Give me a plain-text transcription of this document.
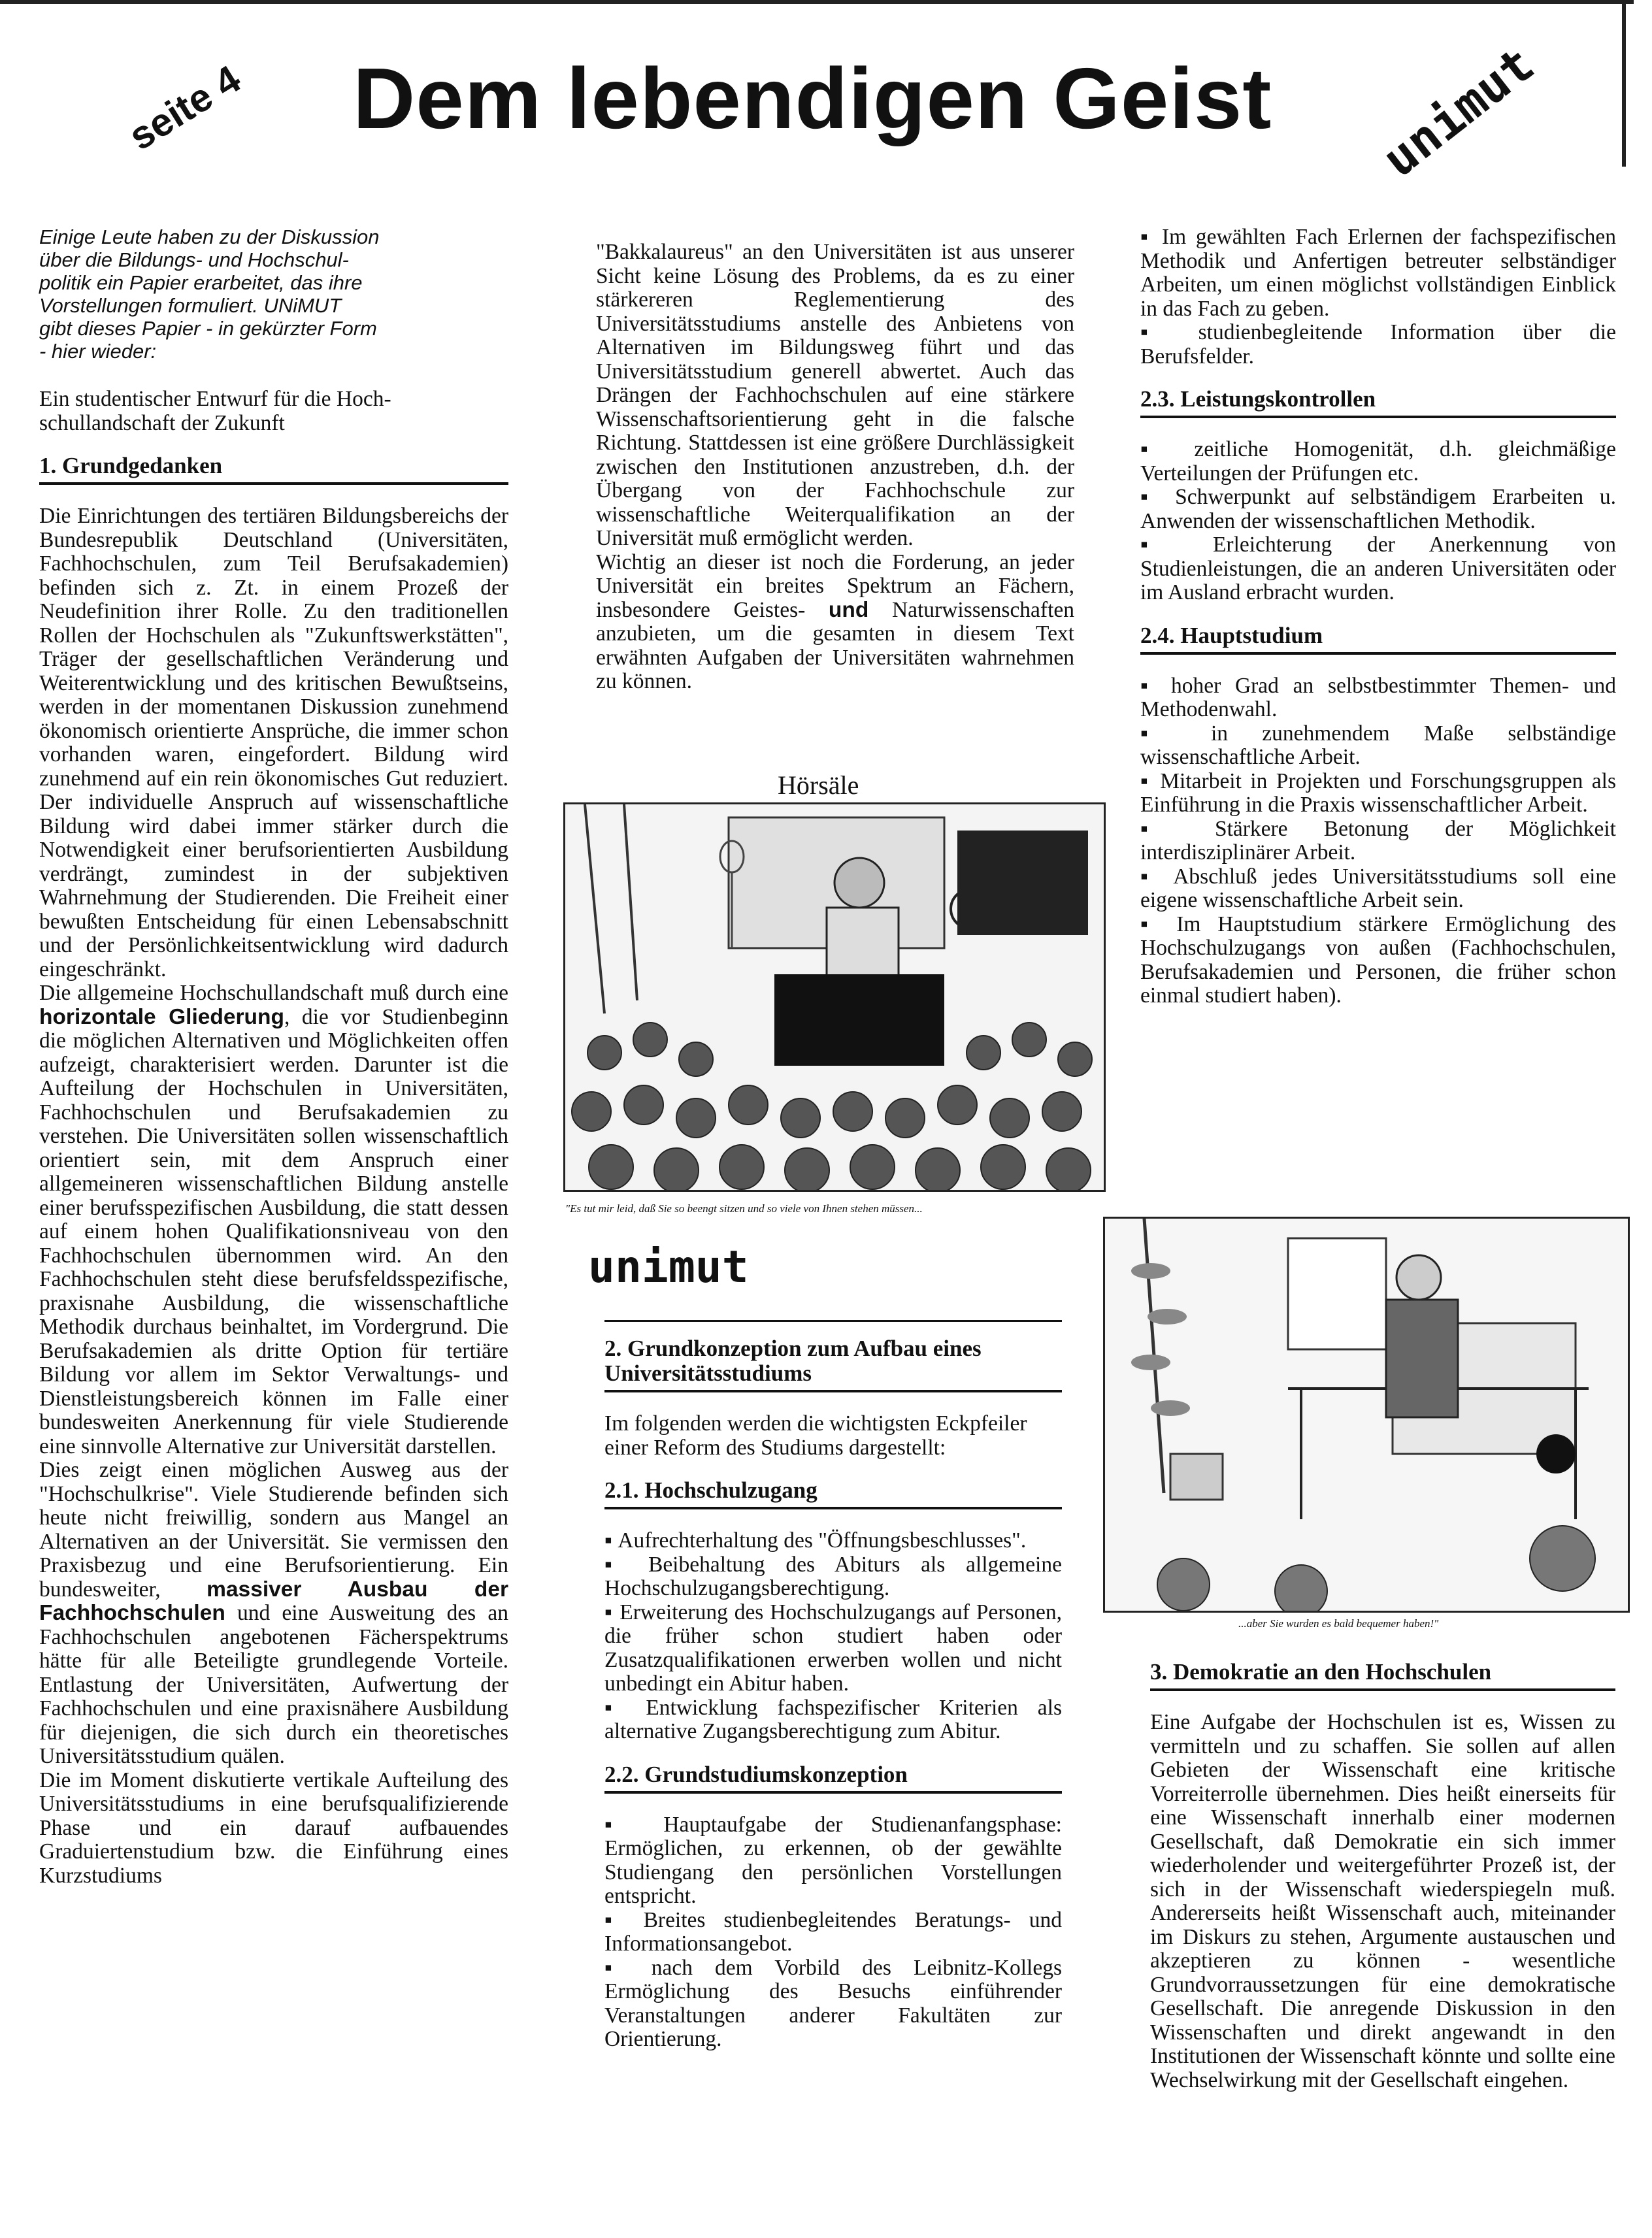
seite 4 Dem lebendigen Geist unimut
Einige Leute haben zu der Diskussion
über die Bildungs- und Hochschul-
politik ein Papier erarbeitet, das ihre
Vorstellungen formuliert. UNiMUT
gibt dieses Papier - in gekürzter Form
- hier wieder:

Ein studentischer Entwurf für die Hoch-
schullandschaft der Zukunft

1. Grundgedanken

Die Einrichtungen des tertiären Bildungsbereichs der Bundesrepublik Deutschland (Universitäten, Fachhochschulen, zum Teil Berufsakademien) befinden sich z. Zt. in einem Prozeß der Neudefinition ihrer Rolle. Zu den traditionellen Rollen der Hochschulen als "Zukunftswerkstätten", Träger der gesellschaftlichen Veränderung und Weiterentwicklung und des kritischen Bewußtseins, werden in der momentanen Diskussion zunehmend ökonomisch orientierte Ansprüche, die immer schon vorhanden waren, eingefordert. Bildung wird zunehmend auf ein rein ökonomisches Gut reduziert. Der individuelle Anspruch auf wissenschaftliche Bildung wird dabei immer stärker durch die Notwendigkeit einer berufsorientierten Ausbildung verdrängt, zumindest in der subjektiven Wahrnehmung der Studierenden. Die Freiheit einer bewußten Entscheidung für einen Lebensabschnitt und der Persönlichkeitsentwicklung wird dadurch eingeschränkt.

Die allgemeine Hochschullandschaft muß durch eine horizontale Gliederung, die vor Studienbeginn die möglichen Alternativen und Möglichkeiten offen aufzeigt, charakterisiert werden. Darunter ist die Aufteilung der Hochschulen in Universitäten, Fachhochschulen und Berufsakademien zu verstehen. Die Universitäten sollen wissenschaftlich orientiert sein, mit dem Anspruch einer allgemeineren wissenschaftlichen Bildung anstelle einer berufsspezifischen Ausbildung, die statt dessen auf einem hohen Qualifikationsniveau von den Fachhochschulen übernommen wird. An den Fachhochschulen steht diese berufsfeldsspezifische, praxisnahe Ausbildung, die wissenschaftliche Methodik durchaus beinhaltet, im Vordergrund. Die Berufsakademien als dritte Option für tertiäre Bildung vor allem im Sektor Verwaltungs- und Dienstleistungsbereich können im Falle einer bundesweiten Anerkennung für viele Studierende eine sinnvolle Alternative zur Universität darstellen.

Dies zeigt einen möglichen Ausweg aus der "Hochschulkrise". Viele Studierende befinden sich heute nicht freiwillig, sondern aus Mangel an Alternativen an der Universität. Sie vermissen den Praxisbezug und eine Berufsorientierung. Ein bundesweiter, massiver Ausbau der Fachhochschulen und eine Ausweitung des an Fachhochschulen angebotenen Fächerspektrums hätte für alle Beteiligte grundlegende Vorteile. Entlastung der Universitäten, Aufwertung der Fachhochschulen und eine praxisnähere Ausbildung für diejenigen, die sich durch ein theoretisches Universitätsstudium quälen.

Die im Moment diskutierte vertikale Aufteilung des Universitätsstudiums in eine berufsqualifizierende Phase und ein darauf aufbauendes Graduiertenstudium bzw. die Einführung eines Kurzstudiums

"Bakkalaureus" an den Universitäten ist aus unserer Sicht keine Lösung des Problems, da es zu einer stärkereren Reglementierung des Universitätsstudiums anstelle des Anbietens von Alternativen im Bildungsweg führt und das Universitätsstudium generell abwertet. Auch das Drängen der Fachhochschulen auf eine stärkere Wissenschaftsorientierung geht in die falsche Richtung. Stattdessen ist eine größere Durchlässigkeit zwischen den Institutionen anzustreben, d.h. der Übergang von der Fachhochschule zur wissenschaftliche Weiterqualifikation an der Universität muß ermöglicht werden.

Wichtig an dieser ist noch die Forderung, an jeder Universität ein breites Spektrum an Fächern, insbesondere Geistes- und Naturwissenschaften anzubieten, um die gesamten in diesem Text erwähnten Aufgaben der Universitäten wahrnehmen zu können.

Hörsäle
"Es tut mir leid, daß Sie so beengt sitzen und so viele von Ihnen stehen müssen...
unimut
2. Grundkonzeption zum Aufbau eines Universitätsstudiums

Im folgenden werden die wichtigsten Eckpfeiler einer Reform des Studiums dargestellt:

2.1. Hochschulzugang

▪ Aufrechterhaltung des "Öffnungsbeschlusses".

▪ Beibehaltung des Abiturs als allgemeine Hochschulzugangsberechtigung.

▪ Erweiterung des Hochschulzugangs auf Personen, die früher schon studiert haben oder Zusatzqualifikationen erwerben wollen und nicht unbedingt ein Abitur haben.

▪ Entwicklung fachspezifischer Kriterien als alternative Zugangsberechtigung zum Abitur.

2.2. Grundstudiumskonzeption

▪ Hauptaufgabe der Studienanfangsphase: Ermöglichen, zu erkennen, ob der gewählte Studiengang den persönlichen Vorstellungen entspricht.

▪ Breites studienbegleitendes Beratungs- und Informationsangebot.

▪ nach dem Vorbild des Leibnitz-Kollegs Ermöglichung des Besuchs einführender Veranstaltungen anderer Fakultäten zur Orientierung.

▪ Im gewählten Fach Erlernen der fachspezifischen Methodik und Anfertigen betreuter selbständiger Arbeiten, um einen möglichst vollständigen Einblick in das Fach zu geben.

▪ studienbegleitende Information über die Berufsfelder.

2.3. Leistungskontrollen

▪ zeitliche Homogenität, d.h. gleichmäßige Verteilungen der Prüfungen etc.

▪ Schwerpunkt auf selbständigem Erarbeiten u. Anwenden der wissenschaftlichen Methodik.

▪ Erleichterung der Anerkennung von Studienleistungen, die an anderen Universitäten oder im Ausland erbracht wurden.

2.4. Hauptstudium

▪ hoher Grad an selbstbestimmter Themen- und Methodenwahl.

▪ in zunehmendem Maße selbständige wissenschaftliche Arbeit.

▪ Mitarbeit in Projekten und Forschungsgruppen als Einführung in die Praxis wissenschaftlicher Arbeit.

▪ Stärkere Betonung der Möglichkeit interdisziplinärer Arbeit.

▪ Abschluß jedes Universitätsstudiums soll eine eigene wissenschaftliche Arbeit sein.

▪ Im Hauptstudium stärkere Ermöglichung des Hochschulzugangs von außen (Fachhochschulen, Berufsakademien und Personen, die früher schon einmal studiert haben).

...aber Sie wurden es bald bequemer haben!"
3. Demokratie an den Hochschulen

Eine Aufgabe der Hochschulen ist es, Wissen zu vermitteln und zu schaffen. Sie sollen auf allen Gebieten der Wissenschaft eine kritische Vorreiterrolle übernehmen. Dies heißt einerseits für eine Wissenschaft innerhalb einer modernen Gesellschaft, daß Demokratie ein sich immer wiederholender und weitergeführter Prozeß ist, der sich in der Wissenschaft wiederspiegeln muß. Andererseits heißt Wissenschaft auch, miteinander im Diskurs zu stehen, Argumente austauschen und akzeptieren zu können - wesentliche Grundvorraussetzungen für eine demokratische Gesellschaft. Die anregende Diskussion in den Wissenschaften und direkt angewandt in den Institutionen der Wissenschaft könnte und sollte eine Wechselwirkung mit der Gesellschaft eingehen.
